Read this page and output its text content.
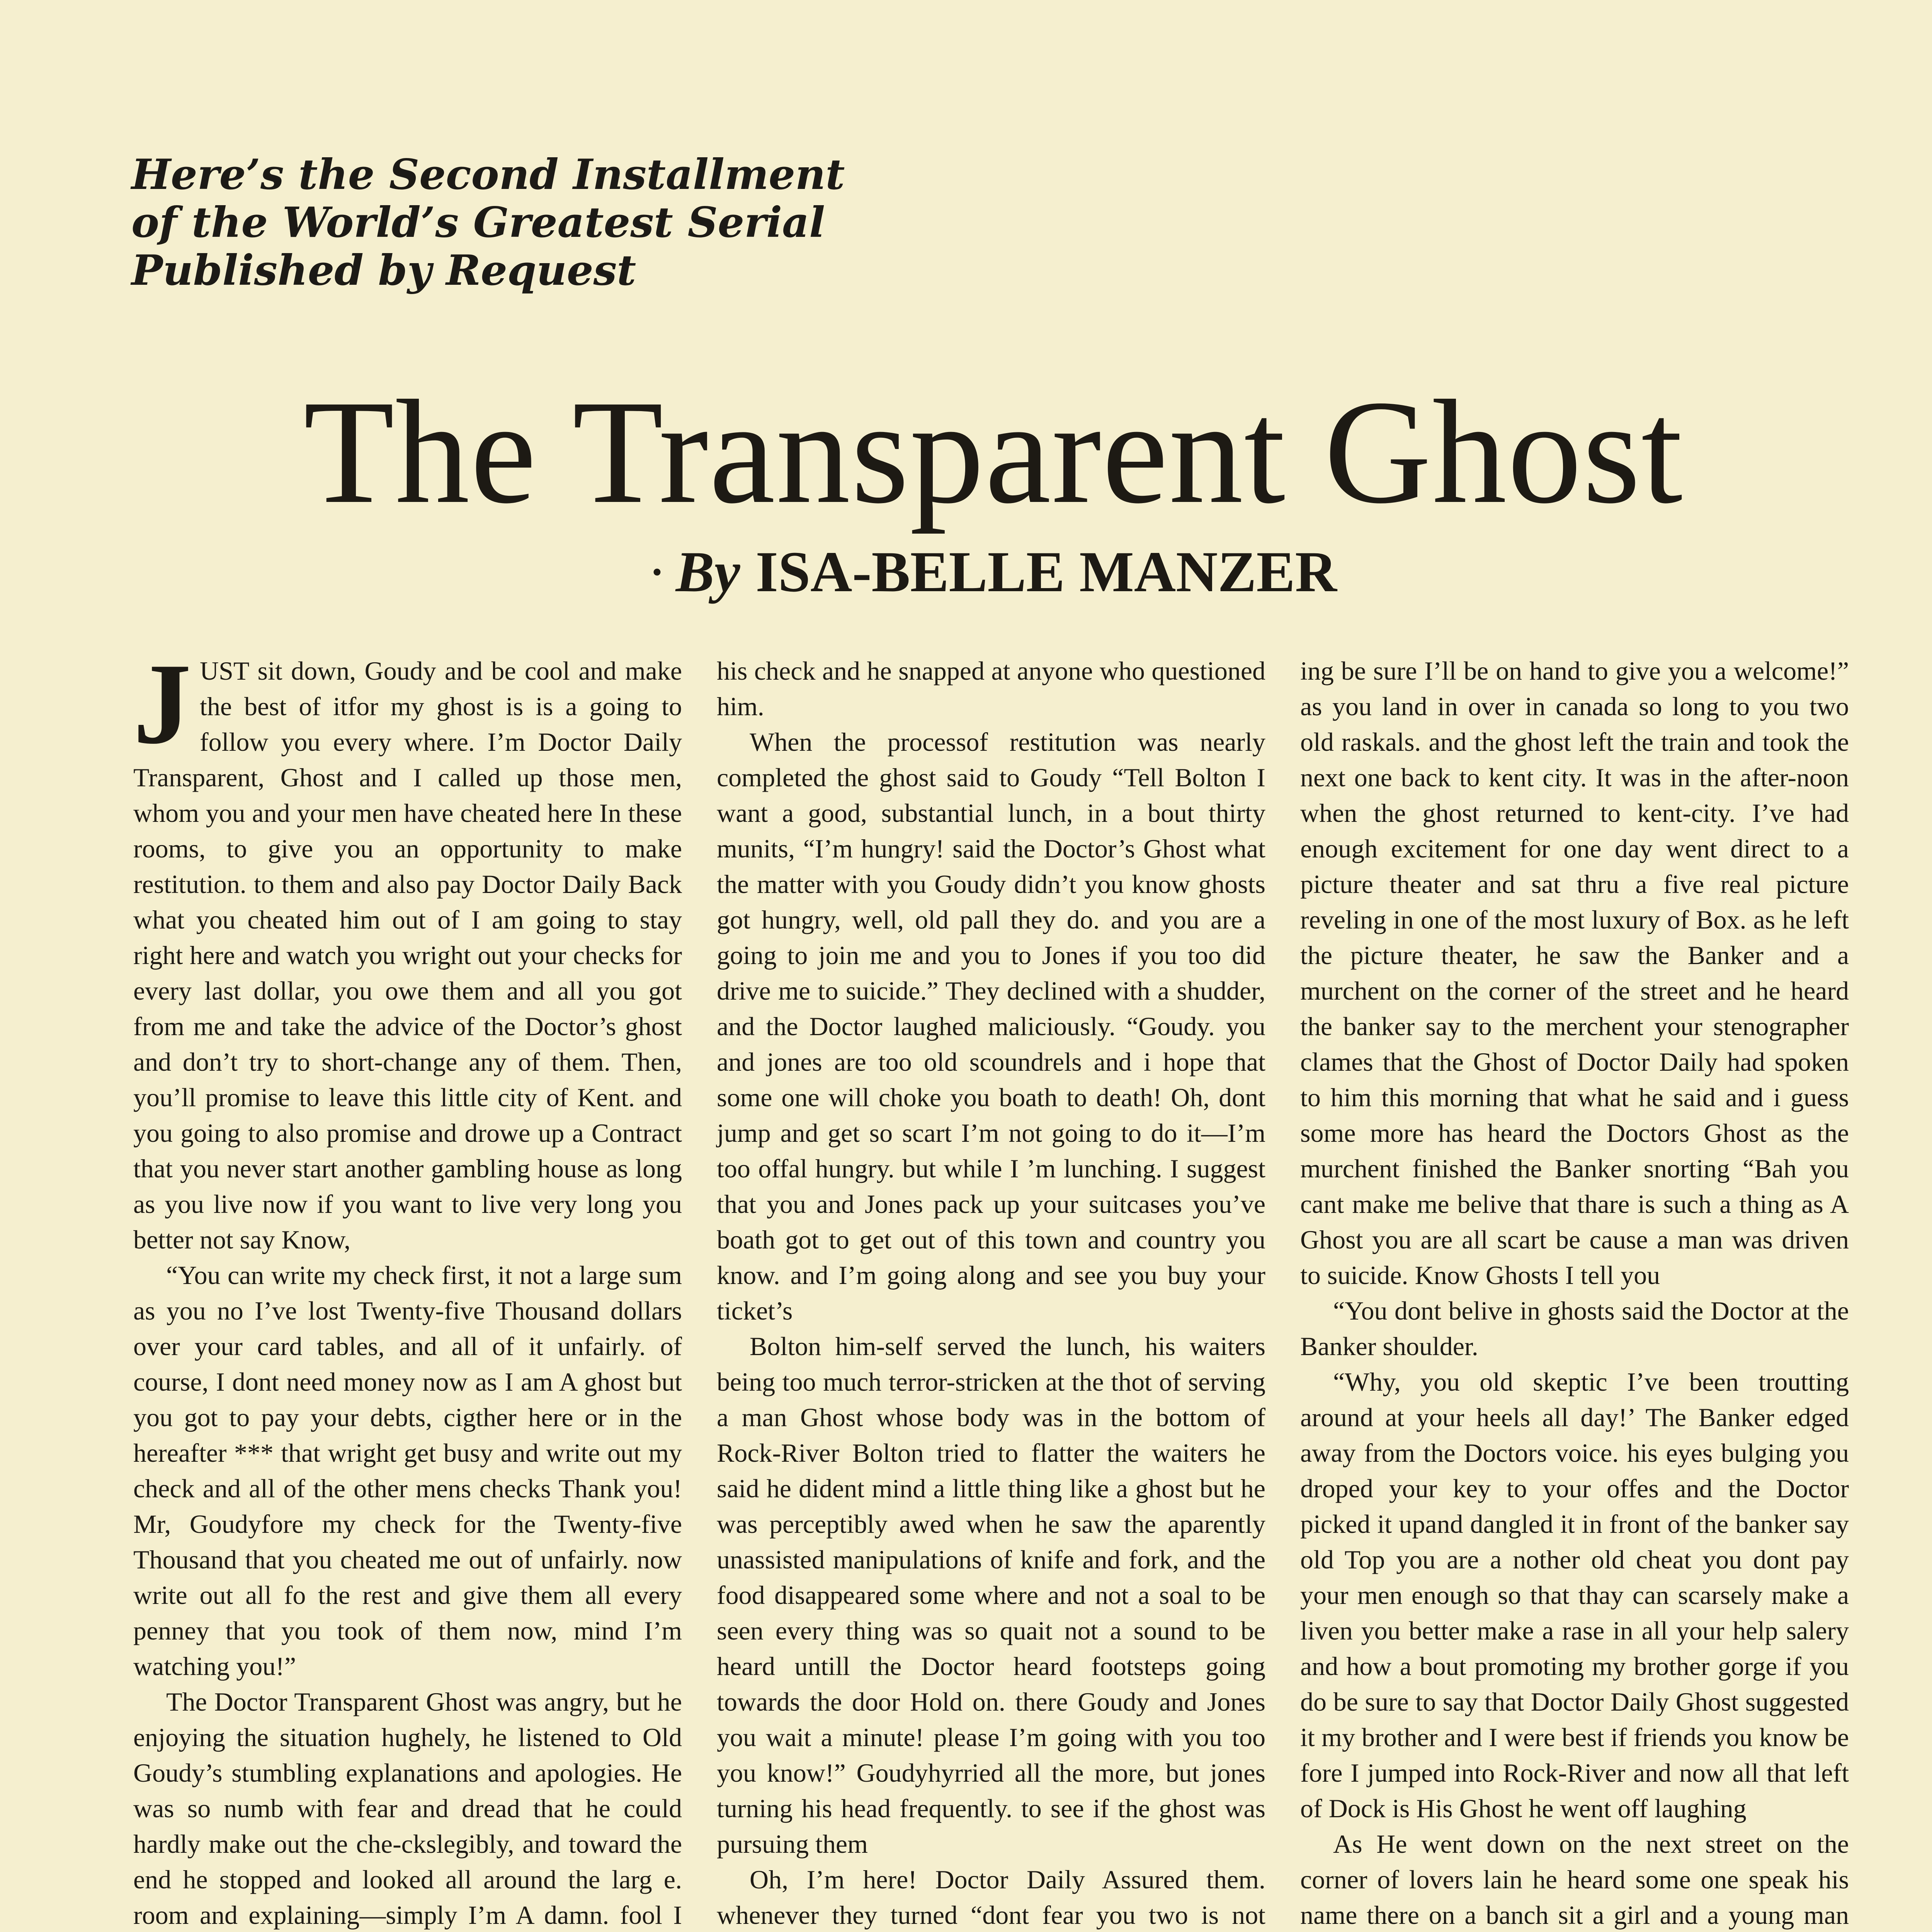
Here’s the Second Installment
of the World’s Greatest Serial
Published by Request
The Transparent Ghost
· By ISA-BELLE MANZER

JUST sit down, Goudy and be cool and make the best of itfor my ghost is is a going to follow you every where. I’m Doctor Daily Transparent, Ghost and I called up those men, whom you and your men have cheated here In these rooms, to give you an opportunity to make restitution. to them and also pay Doctor Daily Back what you cheated him out of I am going to stay right here and watch you wright out your checks for every last dollar, you owe them and all you got from me and take the advice of the Doctor’s ghost and don’t try to short-change any of them. Then, you’ll promise to leave this little city of Kent. and you going to also promise and drowe up a Contract that you never start another gambling house as long as you live now if you want to live very long you better not say Know,

“You can write my check first, it not a large sum as you no I’ve lost Twenty-five Thousand dollars over your card tables, and all of it unfairly. of course, I dont need money now as I am A ghost but you got to pay your debts, cigther here or in the hereafter *** that wright get busy and write out my check and all of the other mens checks Thank you! Mr, Goudyfore my check for the Twenty-five Thousand that you cheated me out of unfairly. now write out all fo the rest and give them all every penney that you took of them now, mind I’m watching you!”

The Doctor Transparent Ghost was angry, but he enjoying the situation hughely, he listened to Old Goudy’s stumbling explanations and apologies. He was so numb with fear and dread that he could hardly make out the che-ckslegibly, and toward the end he stopped and looked all around the larg e. room and explaining—simply I’m A damn. fool I

his check and he snapped at anyone who questioned him.

When the processof restitution was nearly completed the ghost said to Goudy “Tell Bolton I want a good, substantial lunch, in a bout thirty munits, “I’m hungry! said the Doctor’s Ghost what the matter with you Goudy didn’t you know ghosts got hungry, well, old pall they do. and you are a going to join me and you to Jones if you too did drive me to suicide.” They declined with a shudder, and the Doctor laughed maliciously. “Goudy. you and jones are too old scoundrels and i hope that some one will choke you boath to death! Oh, dont jump and get so scart I’m not going to do it—I’m too offal hungry. but while I ’m lunching. I suggest that you and Jones pack up your suitcases you’ve boath got to get out of this town and country you know. and I’m going along and see you buy your ticket’s

Bolton him-self served the lunch, his waiters being too much terror-stricken at the thot of serving a man Ghost whose body was in the bottom of Rock-River Bolton tried to flatter the waiters he said he dident mind a little thing like a ghost but he was perceptibly awed when he saw the aparently unassisted manipulations of knife and fork, and the food disappeared some where and not a soal to be seen every thing was so quait not a sound to be heard untill the Doctor heard footsteps going towards the door Hold on. there Goudy and Jones you wait a minute! please I’m going with you too you know!” Goudyhyrried all the more, but jones turning his head frequently. to see if the ghost was pursuing them

Oh, I’m here! Doctor Daily Assured them. whenever they turned “dont fear you two is not

ing be sure I’ll be on hand to give you a welcome!” as you land in over in canada so long to you two old raskals. and the ghost left the train and took the next one back to kent city. It was in the after-noon when the ghost returned to kent-city. I’ve had enough excitement for one day went direct to a picture theater and sat thru a five real picture reveling in one of the most luxury of Box. as he left the picture theater, he saw the Banker and a murchent on the corner of the street and he heard the banker say to the merchent your stenographer clames that the Ghost of Doctor Daily had spoken to him this morning that what he said and i guess some more has heard the Doctors Ghost as the murchent finished the Banker snorting “Bah you cant make me belive that thare is such a thing as A Ghost you are all scart be cause a man was driven to suicide. Know Ghosts I tell you

“You dont belive in ghosts said the Doctor at the Banker shoulder.

“Why, you old skeptic I’ve been troutting around at your heels all day!’ The Banker edged away from the Doctors voice. his eyes bulging you droped your key to your offes and the Doctor picked it upand dangled it in front of the banker say old Top you are a nother old cheat you dont pay your men enough so that thay can scarsely make a liven you better make a rase in all your help salery and how a bout promoting my brother gorge if you do be sure to say that Doctor Daily Ghost suggested it my brother and I were best if friends you know be fore I jumped into Rock-River and now all that left of Dock is His Ghost he went off laughing

As He went down on the next street on the corner of lovers lain he heard some one speak his name there on a banch sit a girl and a young man
